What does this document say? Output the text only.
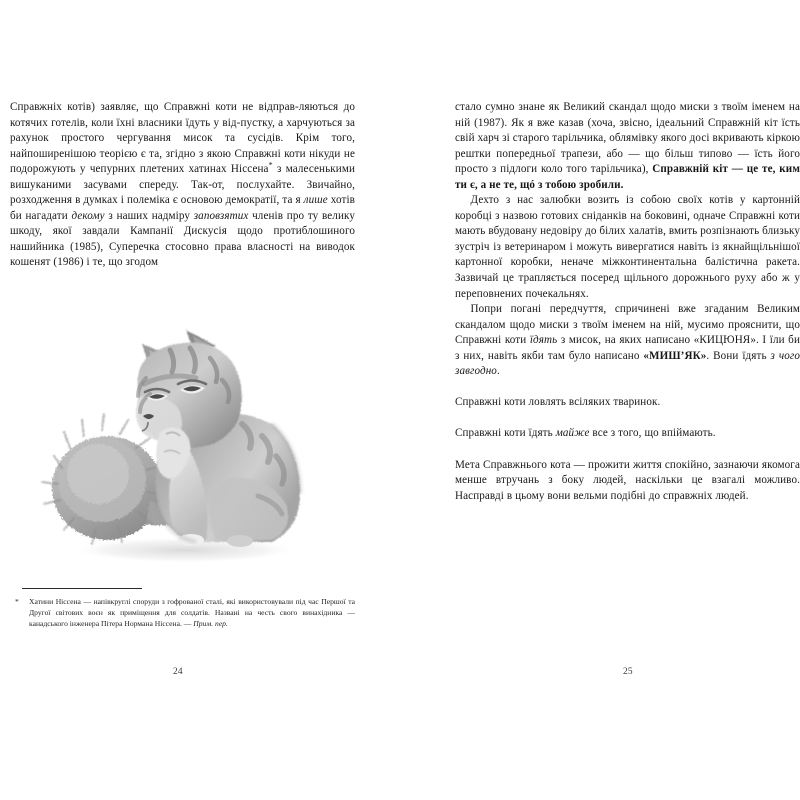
Справжніх котів) заявляє, що Справжні коти не відправ‑ляються до котячих готелів, коли їхні власники їдуть у від‑пустку, а харчуються за рахунок простого чергування мисок та сусідів. Крім того, найпоширенішою теорією є та, згідно з якою Справжні коти нікуди не подорожують у чепурних плетених хатинах Ніссена* з малесенькими вишуканими засувами спереду. Так‑от, послухайте. Звичайно, розходження в думках і полеміка є основою демократії, та я лише хотів би нагадати декому з наших надміру заповзятих членів про ту велику шкоду, якої завдали Кампанії Дискусія щодо протиблошиного нашийника (1985), Суперечка стосовно права власності на виводок кошенят (1986) і те, що згодом

*	Хатини Ніссена — напівкруглі споруди з гофрованої сталі, які використовували під час Першої та Другої світових воєн як приміщення для солдатів. Названі на честь свого винахідника — канадського інженера Пітера Нормана Ніссена. — Прим. пер.

стало сумно знане як Великий скандал щодо миски з твоїм іменем на ній (1987). Як я вже казав (хоча, звісно, ідеальний Справжній кіт їсть свій харч зі старого тарільчика, облямівку якого досі вкривають кіркою рештки попередньої трапези, або — що більш типово — їсть його просто з підлоги коло того тарільчика), Справжній кіт — це те, ким ти є, а не те, щó з тобою зробили.

Дехто з нас залюбки возить із собою своїх котів у картонній коробці з назвою готових сніданків на боковині, одначе Справжні коти мають вбудовану недовіру до білих халатів, вмить розпізнають близьку зустріч із ветеринаром і можуть вивергатися навіть із якнайщільнішої картонної коробки, неначе міжконтинентальна балістична ракета. Зазвичай це трапляється посеред щільного дорожнього руху або ж у переповнених почекальнях.

Попри погані передчуття, спричинені вже згаданим Великим скандалом щодо миски з твоїм іменем на ній, мусимо прояснити, що Справжні коти їдять з мисок, на яких написано «КИЦЮНЯ». І їли би з них, навіть якби там було написано «МИШ’ЯК». Вони їдять з чого завгодно.

Справжні коти ловлять всіляких тваринок.

Справжні коти їдять майже все з того, що впіймають.

Мета Справжнього кота — прожити життя спокійно, зазнаючи якомога менше втручань з боку людей, наскільки це взагалі можливо. Насправді в цьому вони вельми подібні до справжніх людей.

24	25
